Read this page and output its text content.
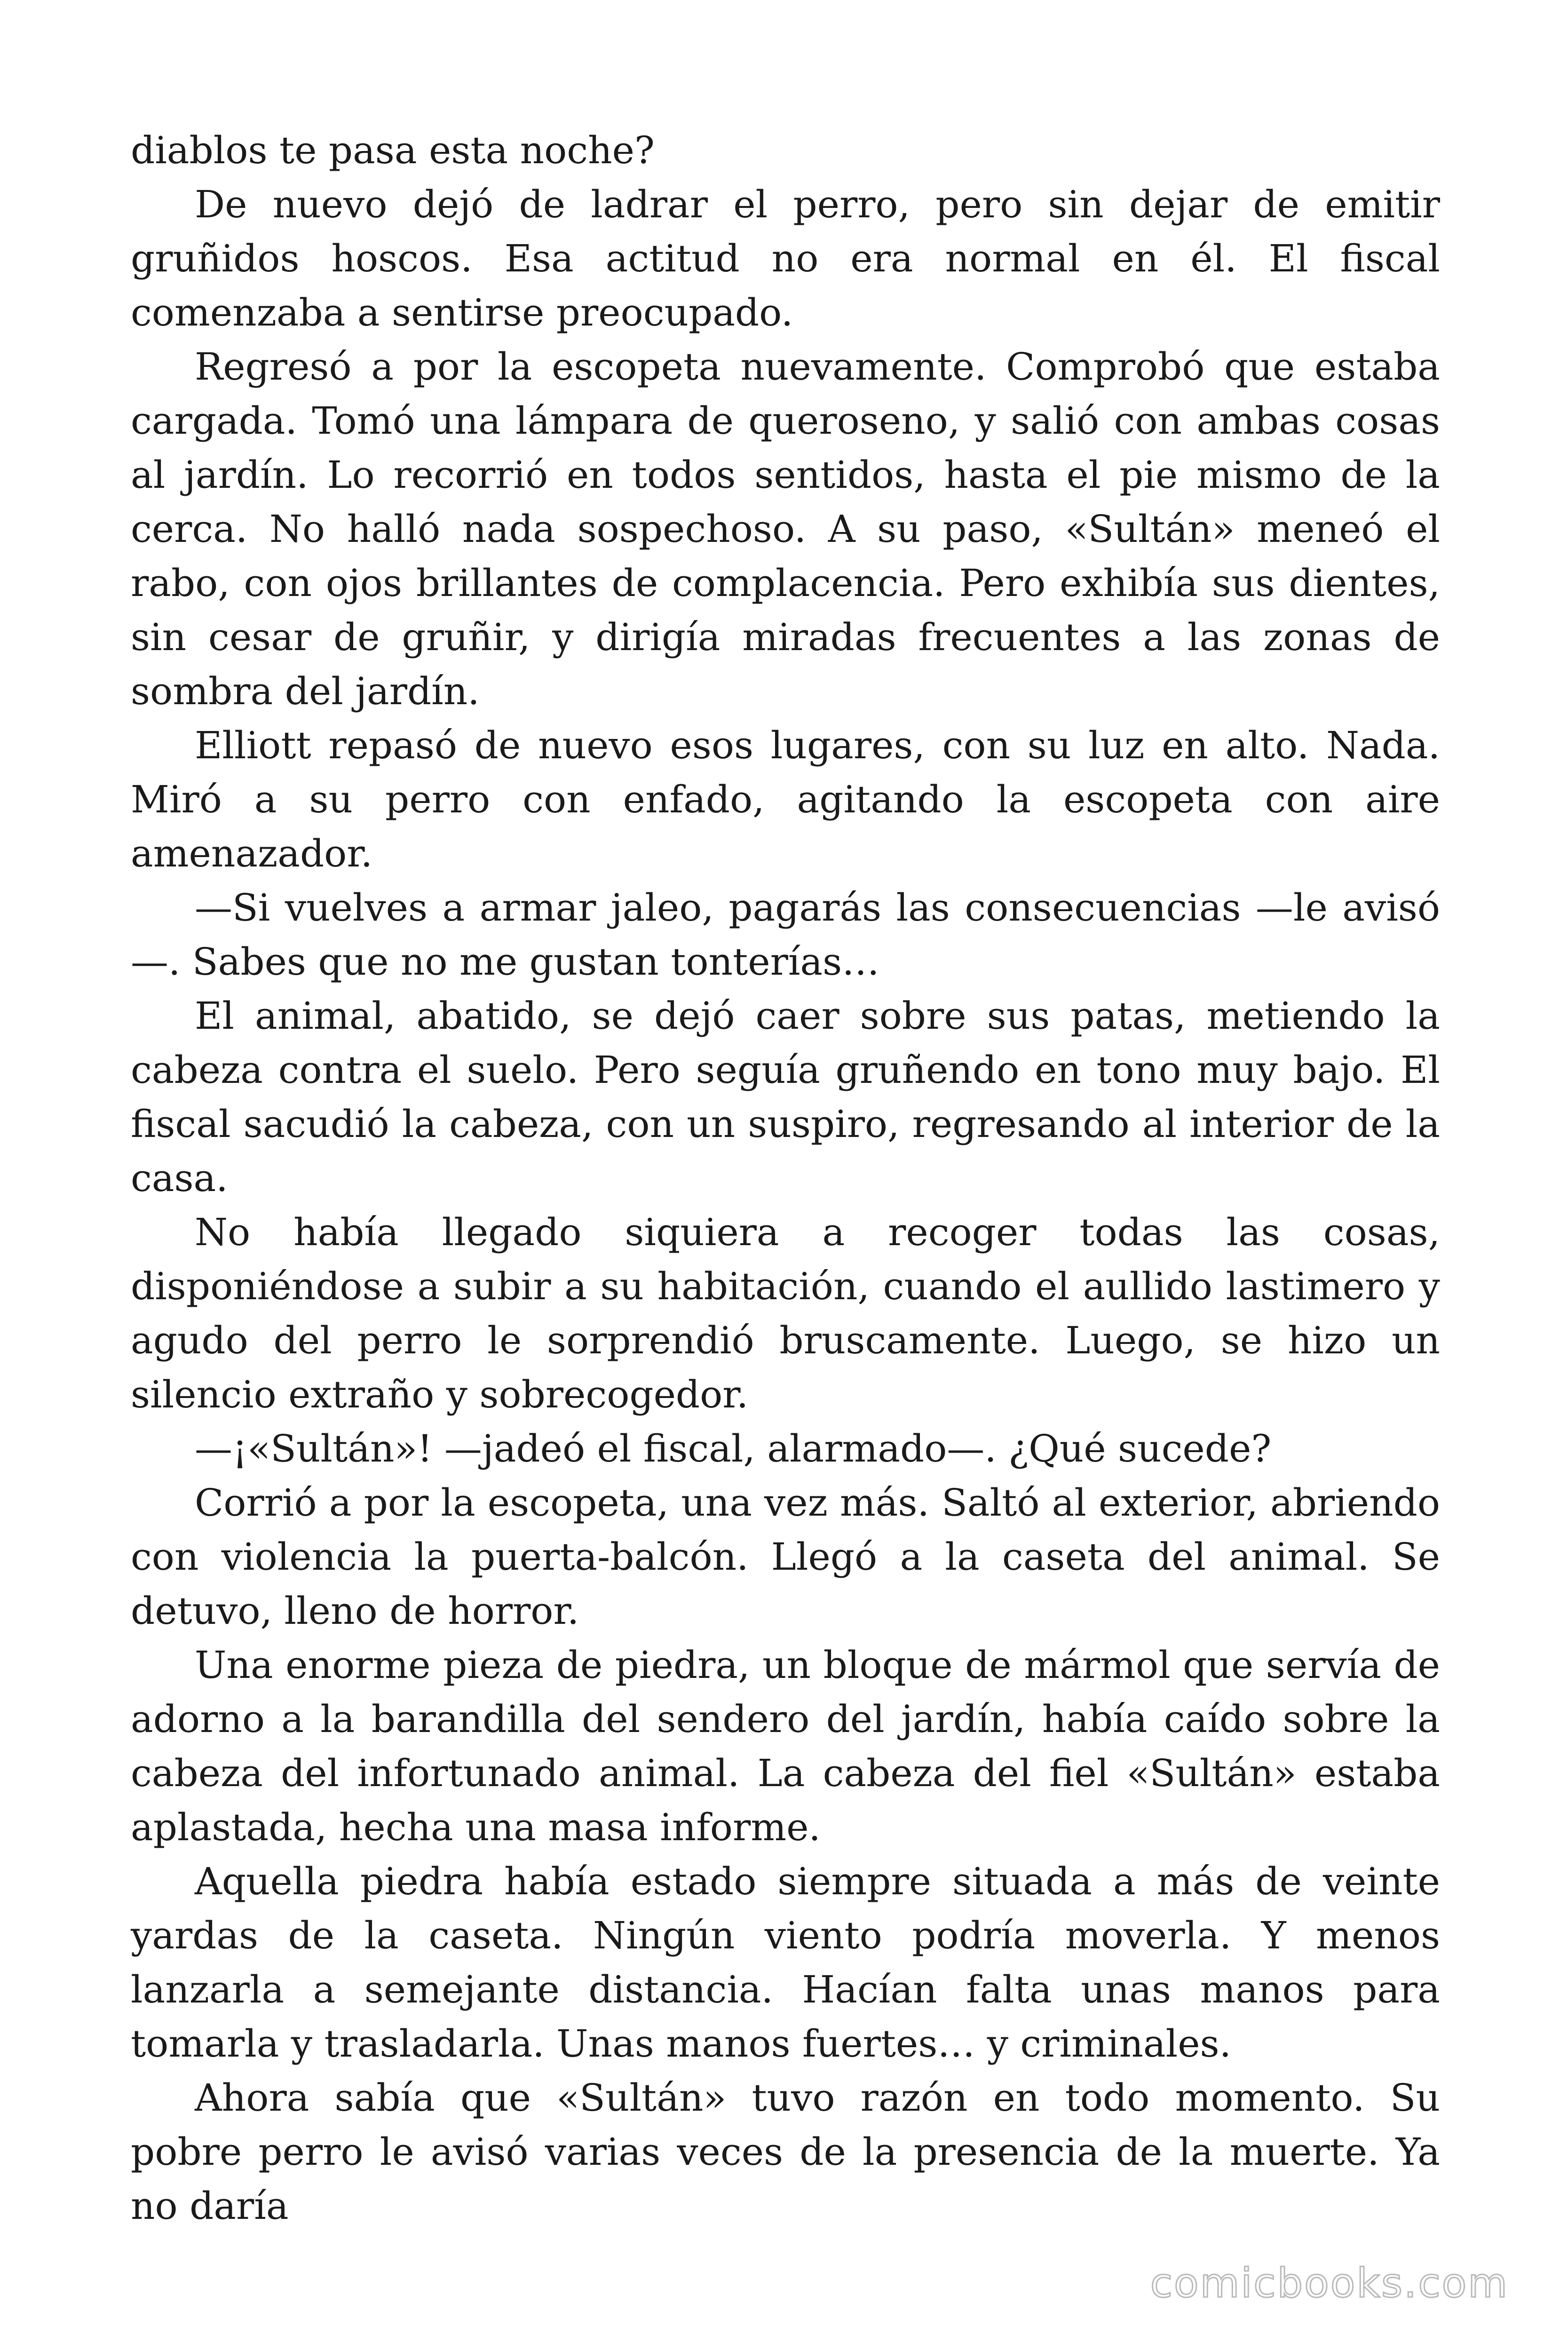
diablos te pasa esta noche?

De nuevo dejó de ladrar el perro, pero sin dejar de emitir gruñidos hoscos. Esa actitud no era normal en él. El fiscal comenzaba a sentirse preocupado.

Regresó a por la escopeta nuevamente. Comprobó que estaba cargada. Tomó una lámpara de queroseno, y salió con ambas cosas al jardín. Lo recorrió en todos sentidos, hasta el pie mismo de la cerca. No halló nada sospechoso. A su paso, «Sultán» meneó el rabo, con ojos brillantes de complacencia. Pero exhibía sus dientes, sin cesar de gruñir, y dirigía miradas frecuentes a las zonas de sombra del jardín.

Elliott repasó de nuevo esos lugares, con su luz en alto. Nada. Miró a su perro con enfado, agitando la escopeta con aire amenazador.

—Si vuelves a armar jaleo, pagarás las consecuencias —le avisó —. Sabes que no me gustan tonterías…

El animal, abatido, se dejó caer sobre sus patas, metiendo la cabeza contra el suelo. Pero seguía gruñendo en tono muy bajo. El fiscal sacudió la cabeza, con un suspiro, regresando al interior de la casa.

No había llegado siquiera a recoger todas las cosas, disponiéndose a subir a su habitación, cuando el aullido lastimero y agudo del perro le sorprendió bruscamente. Luego, se hizo un silencio extraño y sobrecogedor.

—¡«Sultán»! —jadeó el fiscal, alarmado—. ¿Qué sucede?

Corrió a por la escopeta, una vez más. Saltó al exterior, abriendo con violencia la puerta-balcón. Llegó a la caseta del animal. Se detuvo, lleno de horror.

Una enorme pieza de piedra, un bloque de mármol que servía de adorno a la barandilla del sendero del jardín, había caído sobre la cabeza del infortunado animal. La cabeza del fiel «Sultán» estaba aplastada, hecha una masa informe.

Aquella piedra había estado siempre situada a más de veinte yardas de la caseta. Ningún viento podría moverla. Y menos lanzarla a semejante distancia. Hacían falta unas manos para tomarla y trasladarla. Unas manos fuertes… y criminales.

Ahora sabía que «Sultán» tuvo razón en todo momento. Su pobre perro le avisó varias veces de la presencia de la muerte. Ya no daría

comicbooks.com
